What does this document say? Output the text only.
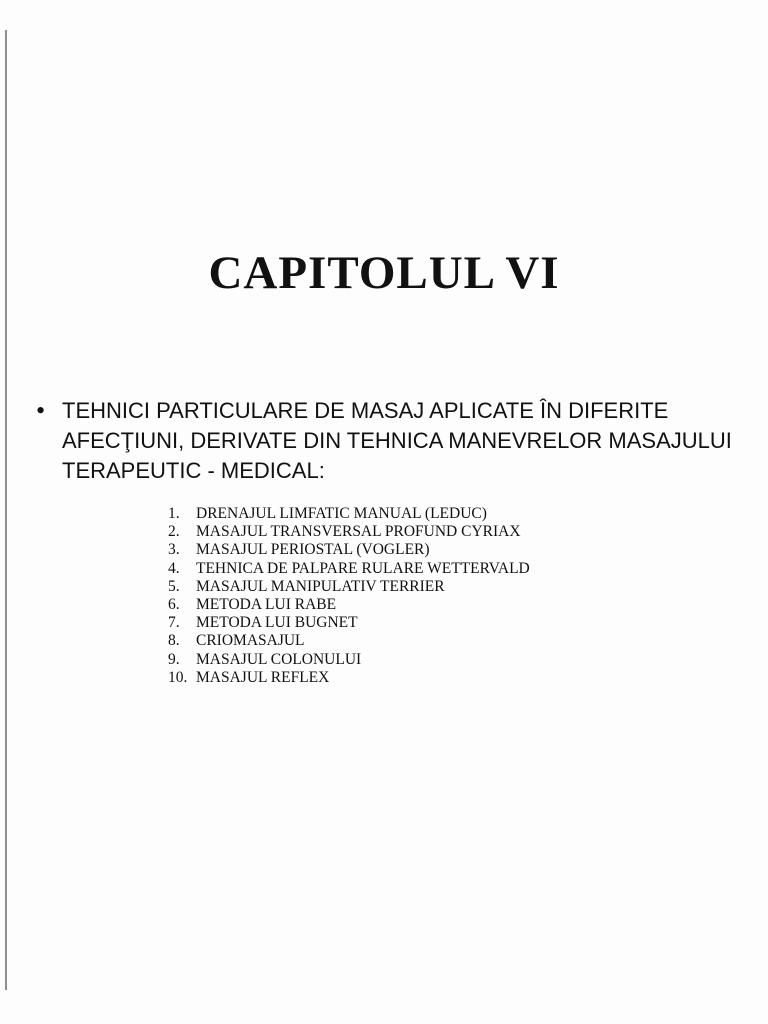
CAPITOLUL VI
• TEHNICI PARTICULARE DE MASAJ APLICATE ÎN DIFERITE AFECŢIUNI, DERIVATE DIN TEHNICA MANEVRELOR MASAJULUI TERAPEUTIC - MEDICAL:

1.	DRENAJUL LIMFATIC MANUAL (LEDUC)
2.	MASAJUL TRANSVERSAL PROFUND CYRIAX
3.	MASAJUL PERIOSTAL (VOGLER)
4.	TEHNICA DE PALPARE RULARE WETTERVALD
5.	MASAJUL MANIPULATIV TERRIER
6.	METODA LUI RABE
7.	METODA LUI BUGNET
8.	CRIOMASAJUL
9.	MASAJUL COLONULUI
10. MASAJUL REFLEX
